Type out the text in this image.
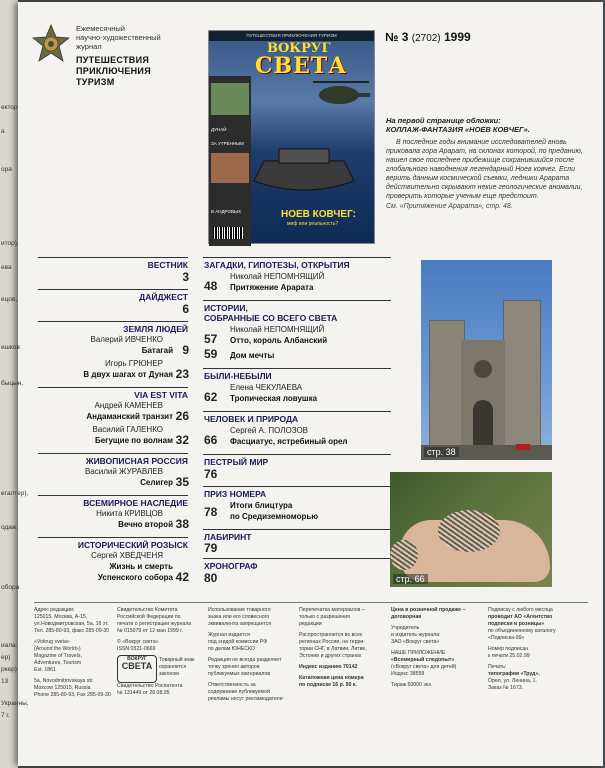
Ежемесячный
научно-художественный
журнал
ПУТЕШЕСТВИЯ
ПРИКЛЮЧЕНИЯ
ТУРИЗМ
ПУТЕШЕСТВИЯ ПРИКЛЮЧЕНИЯ ТУРИЗМ
ВОКРУГ
СВЕТА
ДУНАЙ
ЗА УТРЕННЫМ
В АНДРОВЫХ	НОЕВ КОВЧЕГ:
миф или реальность?
№ 3 (2702) 1999
На первой странице обложки:
КОЛЛАЖ-ФАНТАЗИЯ «НОЕВ КОВЧЕГ».
В последние годы внимание исследователей вновь приковала гора Арарат, на склонах которой, по преданию, нашел свое последнее прибежище сохранившийся после глобального наводнения легендарный Ноев ковчег. Если верить данным космической съемки, ледники Арарата действительно скрывают некие геологические аномалии, проверить которые ученым еще предстоит.
См. «Притяжение Арарата», стр. 48.
ВЕСТНИК
3
ДАЙДЖЕСТ
6
ЗЕМЛЯ ЛЮДЕЙ
Валерий ИВЧЕНКО
Батагай 9
Игорь ГРЮНЕР
В двух шагах от Дуная 23
VIA EST VITA
Андрей КАМЕНЕВ
Андаманский транзит 26
Василий ГАЛЕНКО
Бегущие по волнам 32
ЖИВОПИСНАЯ РОССИЯ
Василий ЖУРАВЛЕВ
Селигер 35
ВСЕМИРНОЕ НАСЛЕДИЕ
Никита КРИВЦОВ
Вечно второй 38
ИСТОРИЧЕСКИЙ РОЗЫСК
Сергей ХВЕДЧЕНЯ
Жизнь и смерть
Успенского собора 42
ЗАГАДКИ, ГИПОТЕЗЫ, ОТКРЫТИЯ
Николай НЕПОМНЯЩИЙ
Притяжение Арарата
48
ИСТОРИИ,
СОБРАННЫЕ СО ВСЕГО СВЕТА
Николай НЕПОМНЯЩИЙ
Отто, король Албанский
57
Дом мечты
59
БЫЛИ-НЕБЫЛИ
Елена ЧЕКУЛАЕВА
Тропическая ловушка
62
ЧЕЛОВЕК И ПРИРОДА
Сергей А. ПОЛОЗОВ
Фасциатус, ястребиный орел
66
ПЕСТРЫЙ МИР
76
ПРИЗ НОМЕРА
Итоги блицтура
по Средиземноморью
78
ЛАБИРИНТ
79
ХРОНОГРАФ
80
стр. 38
стр. 66
Адрес редакции:
125015, Москва, А-15,
ул.Новодмитровская, 5а, 16 эт.
Тел. 285-80-93, факс 285-09-30
«Vokrug sveta»
(Around the World»)
Magazine of Travels,
Adventures, Tourism
Est. 1861
5a, Novodmitrovskaya str.
Moscow 125015, Russia
Phone 285-80-93, Fax 285-09-30
Свидетельство Комитета
Российской Федерации по
печати о регистрации журнала
№ 015079 от 12 мая 1999 г.
© «Вокруг света»
ISSN 0321-0669
ВОКРУГ
СВЕТА
Товарный знак
охраняется
законом
Свидетельство Роспатента
№ 131449 от 28.08.95
Использование товарного
знака или его словесного
эквивалента запрещается
Журнал издается
под эгидой комиссии РФ
по делам ЮНЕСКО
Редакция не всегда разделяет
точку зрения авторов
публикуемых материалов
Ответственность за
содержание публикуемой
рекламы несут рекламодатели
Перепечатка материалов –
только с разрешения
редакции
Распространяется во всех
регионах России, на терри-
тории СНГ, в Латвии, Литве,
Эстонии и других странах
Индекс изданию 70142
Каталожная цена номера
по подписке 16 р. 50 к.
Цена в розничной продаже –
договорная
Учредитель
и издатель журнала:
ЗАО «Вокруг света»
НАШЕ ПРИЛОЖЕНИЕ
«Всемирный следопыт»
(«Вокруг света» для детей)
Индекс 38558
Тираж 50000 экз.
Подписку с любого месяца
проводит АО «Агентство
подписки и розницы»
по объединенному каталогу
«Подписка-99»
Номер подписан
к печати 25.02.99
Печать:
типография «Труд»,
Орел, ул. Ленина, 1.
Заказ № 1673.
ектор
а
ора
итор),
ева
ецов,
ешков
быцын,
егалтер),
одаж:
обора
иала:
ер)
ркер)
13
Украины,
7 г.
